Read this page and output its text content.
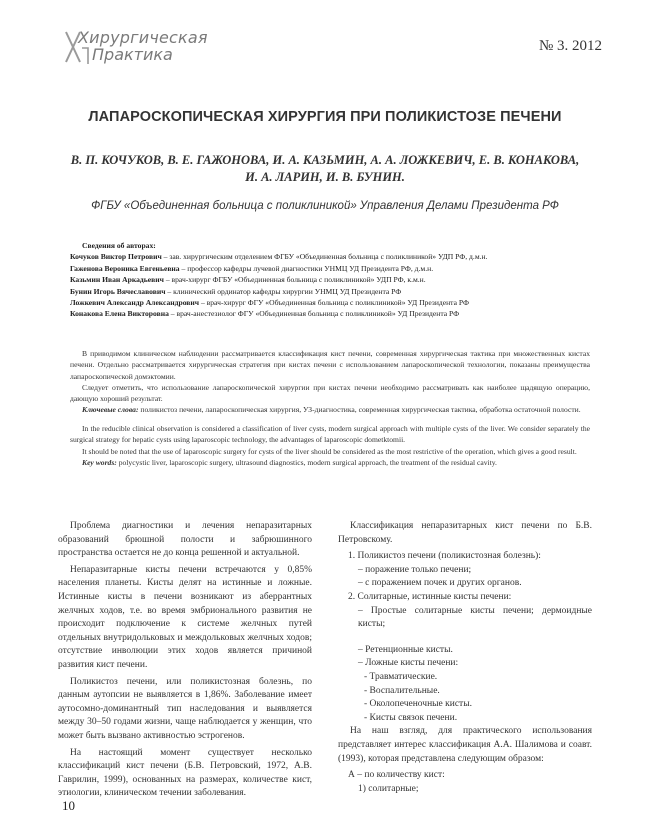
Хирургическая
Практика	№ 3. 2012
ЛАПАРОСКОПИЧЕСКАЯ ХИРУРГИЯ ПРИ ПОЛИКИСТОЗЕ ПЕЧЕНИ
В. П. КОЧУКОВ, В. Е. ГАЖОНОВА, И. А. КАЗЬМИН, А. А. ЛОЖКЕВИЧ, Е. В. КОНАКОВА,
И. А. ЛАРИН, И. В. БУНИН.
ФГБУ «Объединенная больница с поликлиникой» Управления Делами Президента РФ
Сведения об авторах:
Кочуков Виктор Петрович – зав. хирургическим отделением ФГБУ «Объединенная больница с поликлиникой» УДП РФ, д.м.н.
Гаженова Вероника Евгеньевна – профессор кафедры лучевой диагностики УНМЦ УД Президента РФ, д.м.н.
Казьмин Иван Аркадьевич – врач-хирург ФГБУ «Объединенная больница с поликлиникой» УДП РФ, к.м.н.
Бунин Игорь Вячеславович – клинический ординатор кафедры хирургии УНМЦ УД Президента РФ
Ложкевич Александр Александрович – врач-хирург ФГУ «Объединенная больница с поликлиникой» УД Президента РФ
Конакова Елена Викторовна – врач-анестезиолог ФГУ «Объединенная больница с поликлиникой» УД Президента РФ

В приводимом клиническом наблюдении рассматривается классификация кист печени, современная хирургическая тактика при множественных кистах печени. Отдельно рассматривается хирургическая стратегия при кистах печени с использованием лапароскопической технологии, показаны преимущества лапароскопической домэктомии.

Следует отметить, что использование лапароскопической хирургии при кистах печени необходимо рассматривать как наиболее щадящую операцию, дающую хороший результат.

Ключевые слова: поликистоз печени, лапароскопическая хирургия, УЗ-диагностика, современная хирургическая тактика, обработка остаточной полости.

In the reducible clinical observation is considered a classification of liver cysts, modern surgical approach with multiple cysts of the liver. We consider separately the surgical strategy for hepatic cysts using laparoscopic technology, the advantages of laparoscopic dometktomii.

It should be noted that the use of laparoscopic surgery for cysts of the liver should be considered as the most restrictive of the operation, which gives a good result.

Key words: polycystic liver, laparoscopic surgery, ultrasound diagnostics, modern surgical approach, the treatment of the residual cavity.

Проблема диагностики и лечения непаразитарных образований брюшной полости и забрюшинного пространства остается не до конца решенной и актуальной.

Непаразитарные кисты печени встречаются у 0,85% населения планеты. Кисты делят на истинные и ложные. Истинные кисты в печени возникают из аберрантных желчных ходов, т.е. во время эмбрионального развития не происходит подключение к системе желчных путей отдельных внутридольковых и междольковых желчных ходов; отсутствие инволюции этих ходов является причиной развития кист печени.

Поликистоз печени, или поликистозная болезнь, по данным аутопсии не выявляется в 1,86%. Заболевание имеет аутосомно-доминантный тип наследования и выявляется между 30–50 годами жизни, чаще наблюдается у женщин, что может быть вызвано активностью эстрогенов.

На настоящий момент существует несколько классификаций кист печени (Б.В. Петровский, 1972, А.В. Гаврилин, 1999), основанных на размерах, количестве кист, этиологии, клиническом течении заболевания.

Классификация непаразитарных кист печени по Б.В. Петровскому.

1. Поликистоз печени (поликистозная болезнь):
– поражение только печени;
– с поражением почек и других органов.
2. Солитарные, истинные кисты печени:
– Простые солитарные кисты печени; дермоидные кисты;
– Ретенционные кисты.
– Ложные кисты печени:
- Травматические.
- Воспалительные.
- Околопеченочные кисты.
- Кисты связок печени.

На наш взгляд, для практического использования представляет интерес классификация А.А. Шалимова и соавт. (1993), которая представлена следующим образом:

А – по количеству кист:
1) солитарные;
10
